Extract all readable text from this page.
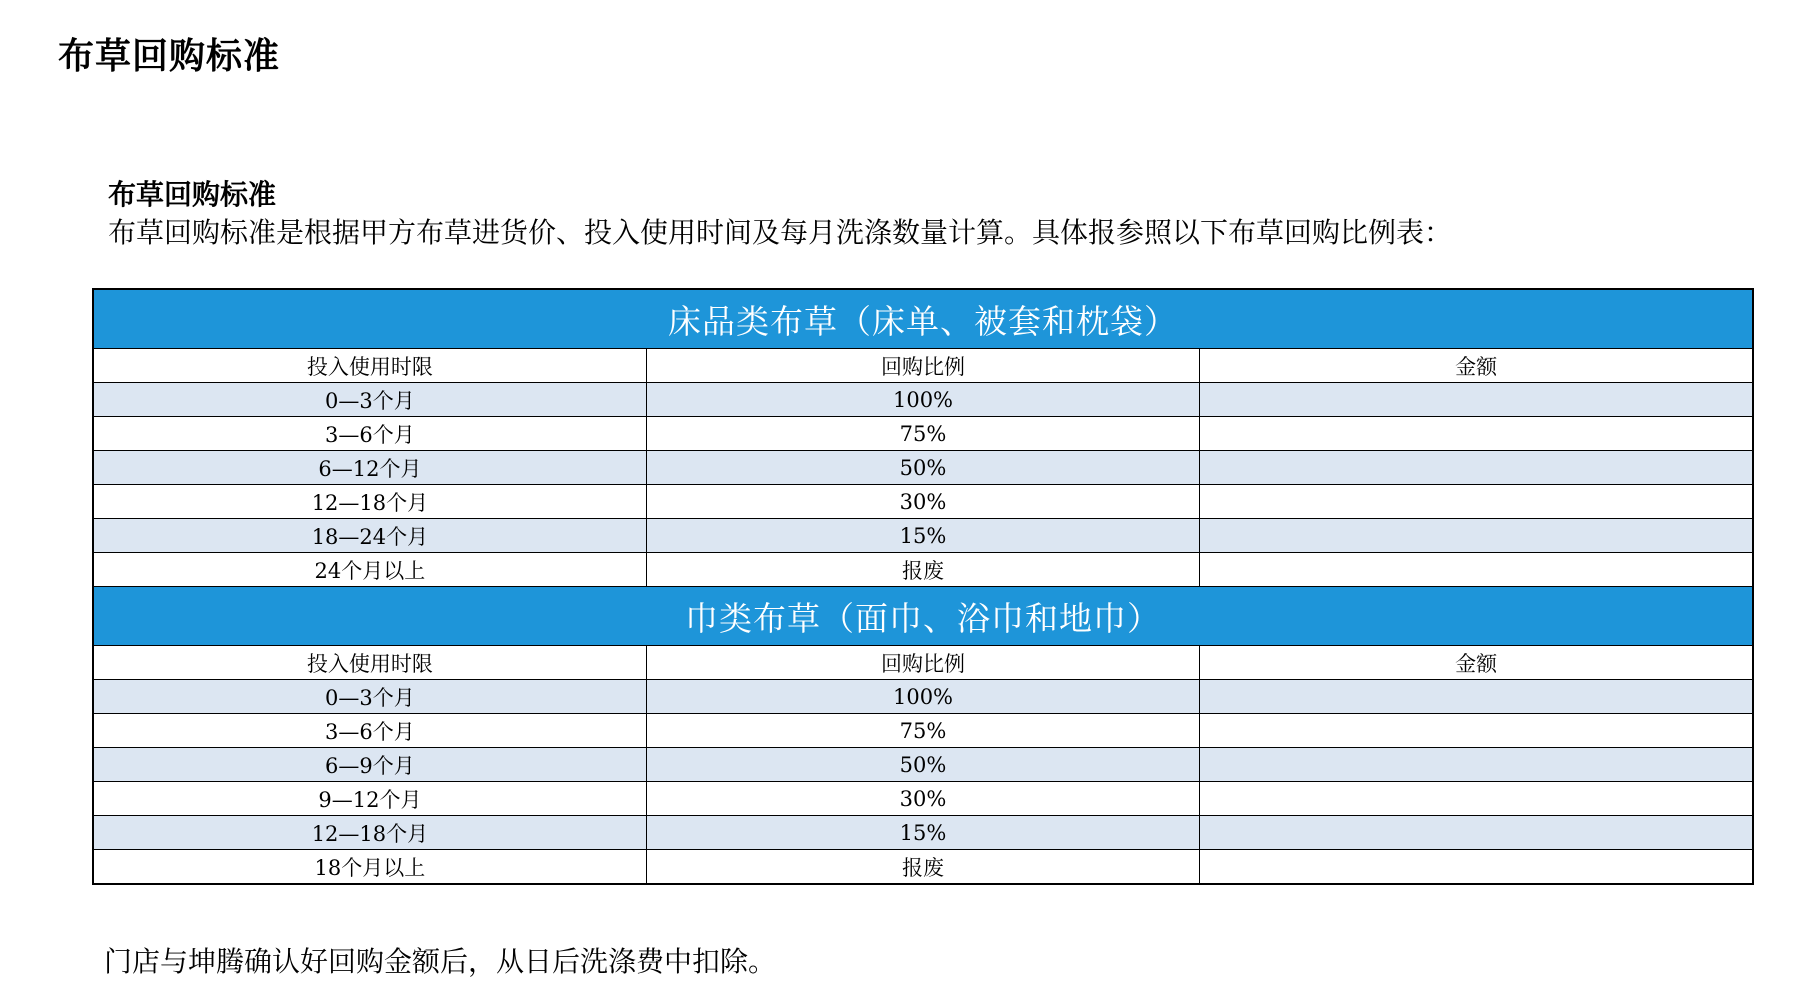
布草回购标准
布草回购标准
布草回购标准是根据甲方布草进货价、投入使用时间及每月洗涤数量计算。具体报参照以下布草回购比例表：
床品类布草（床单、被套和枕袋）		
投入使用时限	回购比例	金额
0—3个月	100%	
3—6个月	75%	
6—12个月	50%	
12—18个月	30%	
18—24个月	15%	
24个月以上	报废	
巾类布草（面巾、浴巾和地巾）		
投入使用时限	回购比例	金额
0—3个月	100%	
3—6个月	75%	
6—9个月	50%	
9—12个月	30%	
12—18个月	15%	
18个月以上	报废	
门店与坤腾确认好回购金额后，从日后洗涤费中扣除。
